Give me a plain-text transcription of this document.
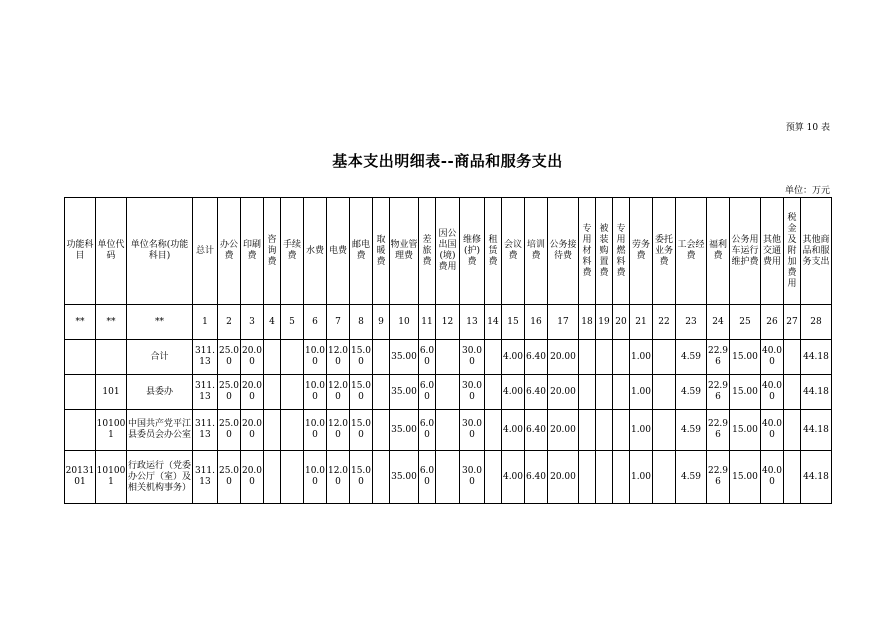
预算 10 表
基本支出明细表--商品和服务支出
单位：万元
功能科目	单位代码	单位名称(功能科目)	总计	办公费	印刷费	咨询费	手续费	水费	电费	邮电费	取暖费	物业管理费	差旅费	因公出国(境)费用	维修(护)费	租赁费	会议费	培训费	公务接待费	专用材料费	被装购置费	专用燃料费	劳务费	委托业务费	工会经费	福利费	公务用车运行维护费	其他交通费用	税金及附加费用	其他商品和服务支出
**	**	**	1	2	3	4	5	6	7	8	9	10	11	12	13	14	15	16	17	18	19	20	21	22	23	24	25	26	27	28
		合计	311.13	25.00	20.00			10.00	12.00	15.00		35.00	6.00		30.00		4.00	6.40	20.00				1.00		4.59	22.96	15.00	40.00		44.18
	101	县委办	311.13	25.00	20.00			10.00	12.00	15.00		35.00	6.00		30.00		4.00	6.40	20.00				1.00		4.59	22.96	15.00	40.00		44.18
	101001	中国共产党平江县委员会办公室	311.13	25.00	20.00			10.00	12.00	15.00		35.00	6.00		30.00		4.00	6.40	20.00				1.00		4.59	22.96	15.00	40.00		44.18
2013101	101001	行政运行（党委办公厅（室）及相关机构事务）	311.13	25.00	20.00			10.00	12.00	15.00		35.00	6.00		30.00		4.00	6.40	20.00				1.00		4.59	22.96	15.00	40.00		44.18
